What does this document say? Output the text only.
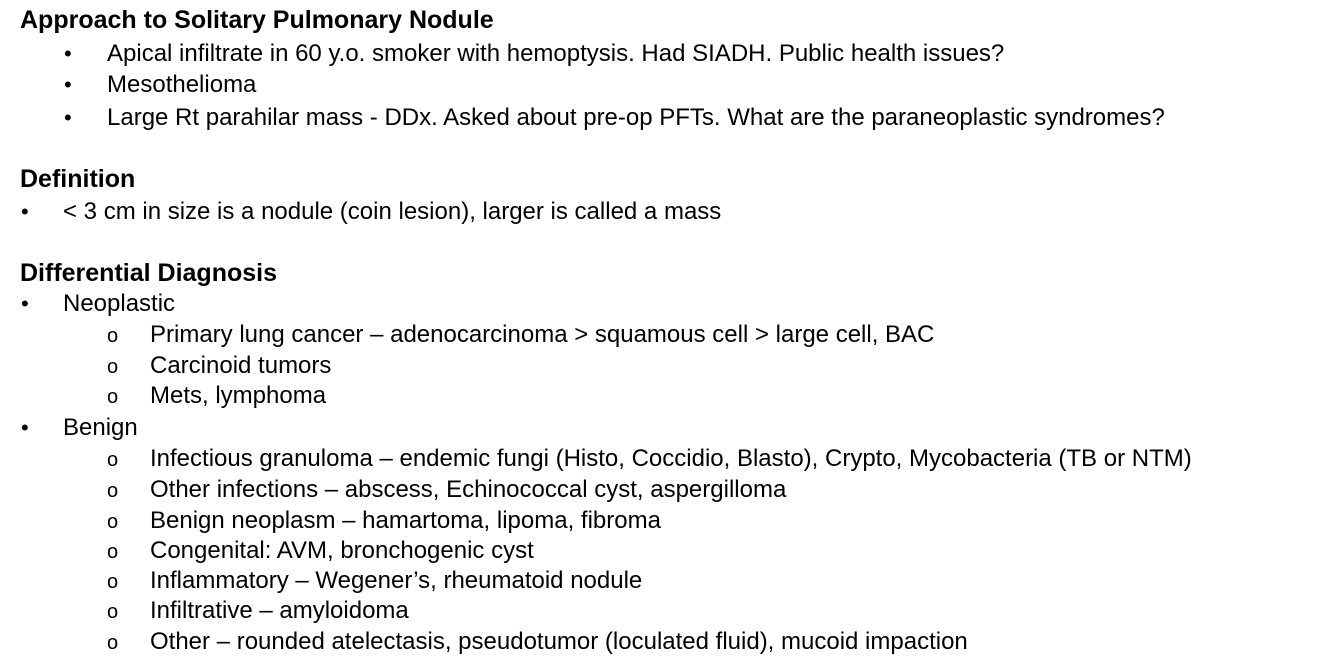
Approach to Solitary Pulmonary Nodule
• Apical infiltrate in 60 y.o. smoker with hemoptysis. Had SIADH. Public health issues?
• Mesothelioma
• Large Rt parahilar mass - DDx. Asked about pre-op PFTs. What are the paraneoplastic syndromes?
Definition
• < 3 cm in size is a nodule (coin lesion), larger is called a mass
Differential Diagnosis
• Neoplastic
o Primary lung cancer – adenocarcinoma > squamous cell > large cell, BAC
o Carcinoid tumors
o Mets, lymphoma
• Benign
o Infectious granuloma – endemic fungi (Histo, Coccidio, Blasto), Crypto, Mycobacteria (TB or NTM)
o Other infections – abscess, Echinococcal cyst, aspergilloma
o Benign neoplasm – hamartoma, lipoma, fibroma
o Congenital: AVM, bronchogenic cyst
o Inflammatory – Wegener’s, rheumatoid nodule
o Infiltrative – amyloidoma
o Other – rounded atelectasis, pseudotumor (loculated fluid), mucoid impaction
